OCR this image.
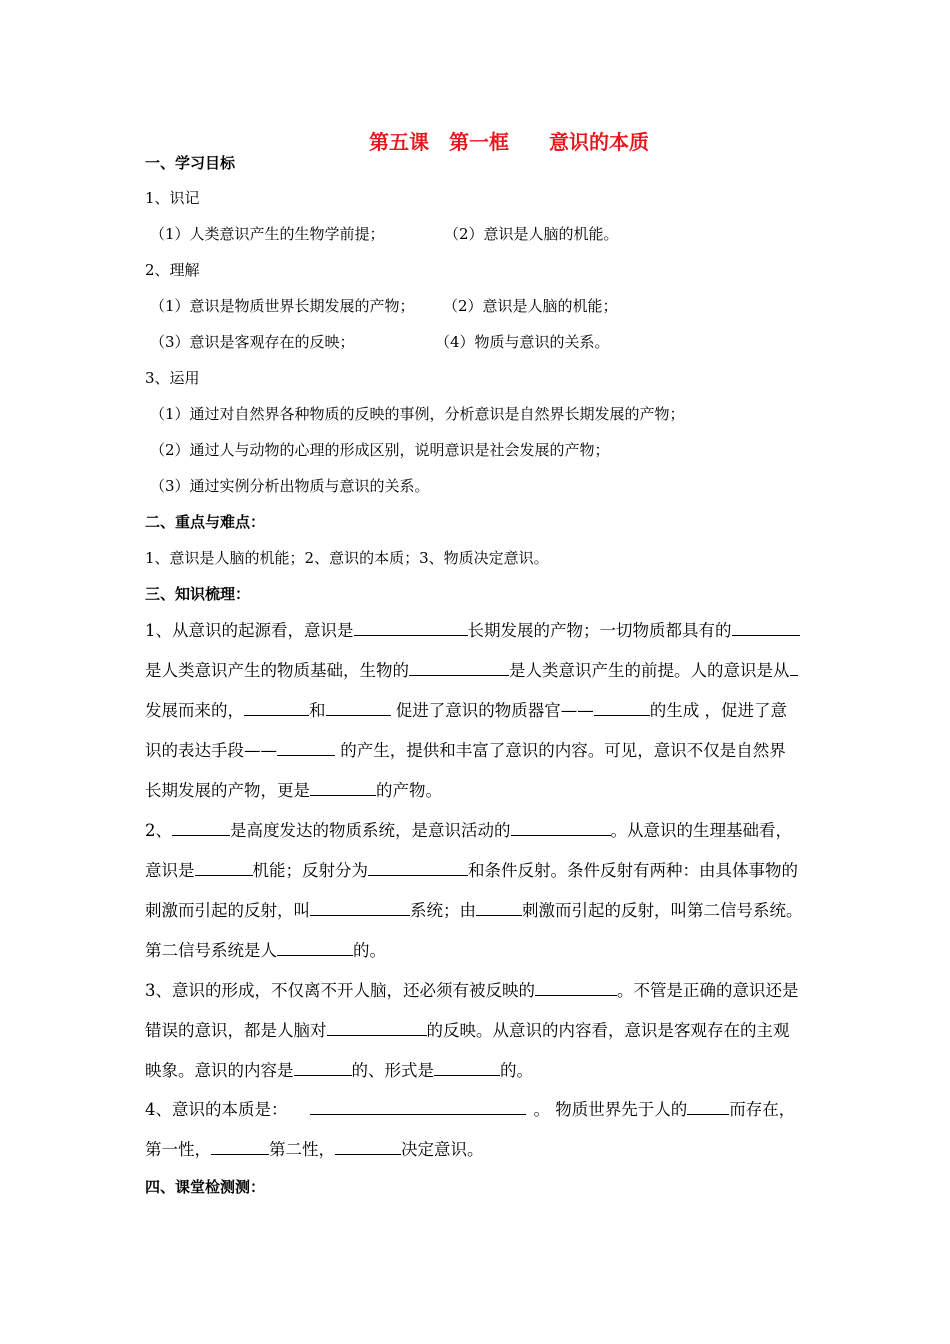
第五课　第一框　　意识的本质
一、学习目标
1、识记
（1）人类意识产生的生物学前提；	（2）意识是人脑的机能。
2、理解
（1）意识是物质世界长期发展的产物； （2）意识是人脑的机能；
（3）意识是客观存在的反映；	（4）物质与意识的关系。
3、运用
（1）通过对自然界各种物质的反映的事例，分析意识是自然界长期发展的产物；
（2）通过人与动物的心理的形成区别，说明意识是社会发展的产物；
（3）通过实例分析出物质与意识的关系。
二、重点与难点：
1、意识是人脑的机能；2、意识的本质；3、物质决定意识。
三、知识梳理：
1、从意识的起源看，意识是	长期发展的产物；一切物质都具有的
是人类意识产生的物质基础，生物的	是人类意识产生的前提。人的意识是从
发展而来的，	和	促进了意识的物质器官——	的生成 ，促进了意
识的表达手段——	的产生，提供和丰富了意识的内容。可见，意识不仅是自然界
长期发展的产物，更是	的产物。
2、	是高度发达的物质系统，是意识活动的	。从意识的生理基础看，
意识是	机能；反射分为	和条件反射。条件反射有两种：由具体事物的
刺激而引起的反射，叫	系统；由	刺激而引起的反射，叫第二信号系统。
第二信号系统是人	的。
3、意识的形成，不仅离不开人脑，还必须有被反映的	。不管是正确的意识还是
错误的意识，都是人脑对	的反映。从意识的内容看，意识是客观存在的主观
映象。意识的内容是	的、形式是	的。
4、意识的本质是：	。 物质世界先于人的	而存在，
第一性，	第二性，	决定意识。
四、课堂检测测：
